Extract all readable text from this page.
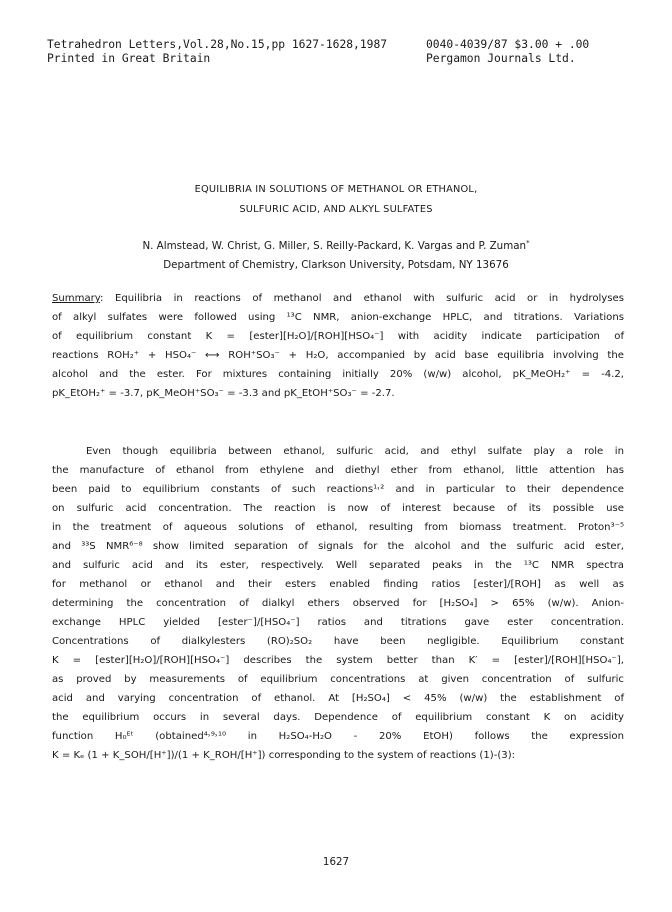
Tetrahedron Letters,Vol.28,No.15,pp 1627-1628,1987
Printed in Great Britain
0040-4039/87 $3.00 + .00
Pergamon Journals Ltd.
EQUILIBRIA IN SOLUTIONS OF METHANOL OR ETHANOL,
SULFURIC ACID, AND ALKYL SULFATES
N. Almstead, W. Christ, G. Miller, S. Reilly-Packard, K. Vargas and P. Zuman*
Department of Chemistry, Clarkson University, Potsdam, NY 13676
Summary: Equilibria in reactions of methanol and ethanol with sulfuric acid or in hydrolyses
of alkyl sulfates were followed using ¹³C NMR, anion-exchange HPLC, and titrations. Variations
of equilibrium constant K = [ester][H₂O]/[ROH][HSO₄⁻] with acidity indicate participation of
reactions ROH₂⁺ + HSO₄⁻ ⟷ ROH⁺SO₃⁻ + H₂O, accompanied by acid base equilibria involving the
alcohol and the ester. For mixtures containing initially 20% (w/w) alcohol, pK_MeOH₂⁺ = -4.2,
pK_EtOH₂⁺ = -3.7, pK_MeOH⁺SO₃⁻ = -3.3 and pK_EtOH⁺SO₃⁻ = -2.7.
Even though equilibria between ethanol, sulfuric acid, and ethyl sulfate play a role in
the manufacture of ethanol from ethylene and diethyl ether from ethanol, little attention has
been paid to equilibrium constants of such reactions¹˒² and in particular to their dependence
on sulfuric acid concentration. The reaction is now of interest because of its possible use
in the treatment of aqueous solutions of ethanol, resulting from biomass treatment. Proton³⁻⁵
and ³³S NMR⁶⁻⁸ show limited separation of signals for the alcohol and the sulfuric acid ester,
and sulfuric acid and its ester, respectively. Well separated peaks in the ¹³C NMR spectra
for methanol or ethanol and their esters enabled finding ratios [ester]/[ROH] as well as
determining the concentration of dialkyl ethers observed for [H₂SO₄] > 65% (w/w). Anion-
exchange HPLC yielded [ester⁻]/[HSO₄⁻] ratios and titrations gave ester concentration.
Concentrations of dialkylesters (RO)₂SO₂ have been negligible. Equilibrium constant
K = [ester][H₂O]/[ROH][HSO₄⁻] describes the system better than K′ = [ester]/[ROH][HSO₄⁻],
as proved by measurements of equilibrium concentrations at given concentration of sulfuric
acid and varying concentration of ethanol. At [H₂SO₄] < 45% (w/w) the establishment of
the equilibrium occurs in several days. Dependence of equilibrium constant K on acidity
function H₀ᴱᵗ (obtained⁴˒⁹˒¹⁰ in H₂SO₄-H₂O - 20% EtOH) follows the expression
K = Kₑ (1 + K_SOH/[H⁺])/(1 + K_ROH/[H⁺]) corresponding to the system of reactions (1)-(3):
1627
